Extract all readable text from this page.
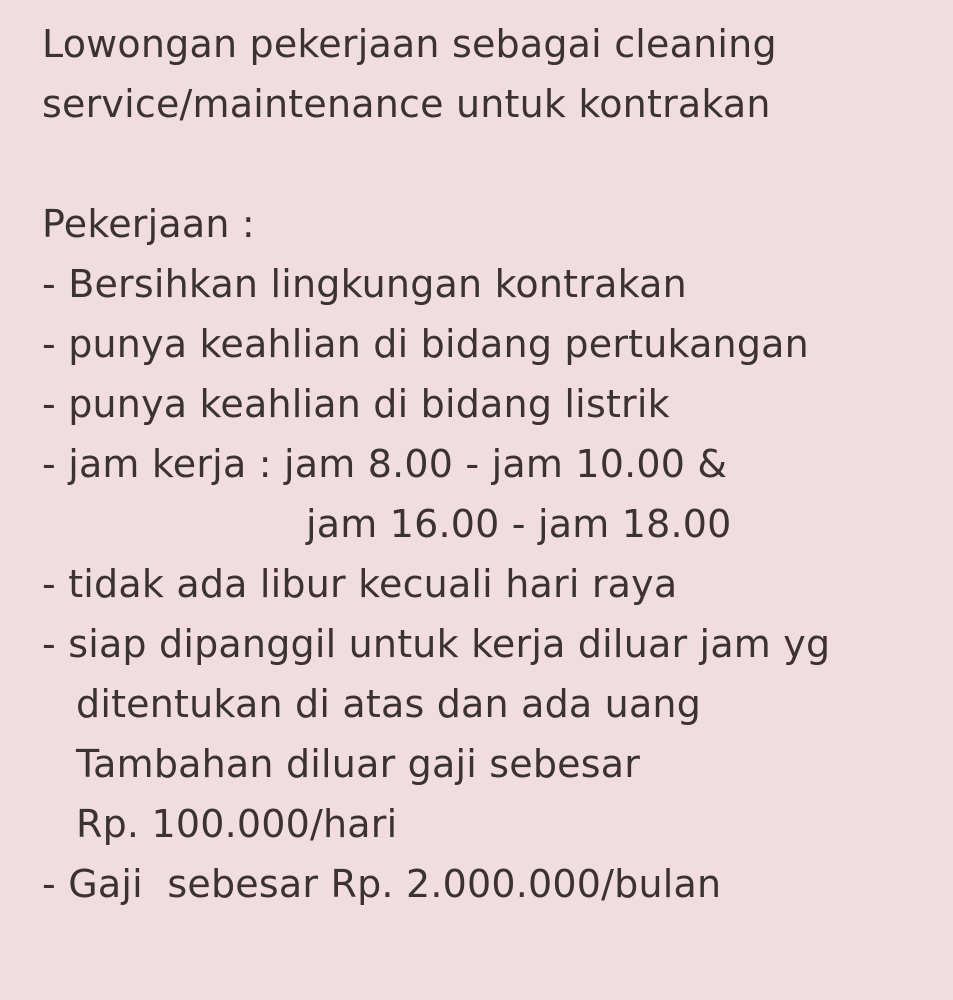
Lowongan pekerjaan sebagai cleaning
service/maintenance untuk kontrakan
Pekerjaan :
- Bersihkan lingkungan kontrakan
- punya keahlian di bidang pertukangan
- punya keahlian di bidang listrik
- jam kerja : jam 8.00 - jam 10.00 &
jam 16.00 - jam 18.00
- tidak ada libur kecuali hari raya
- siap dipanggil untuk kerja diluar jam yg
ditentukan di atas dan ada uang
Tambahan diluar gaji sebesar
Rp. 100.000/hari
- Gaji  sebesar Rp. 2.000.000/bulan
